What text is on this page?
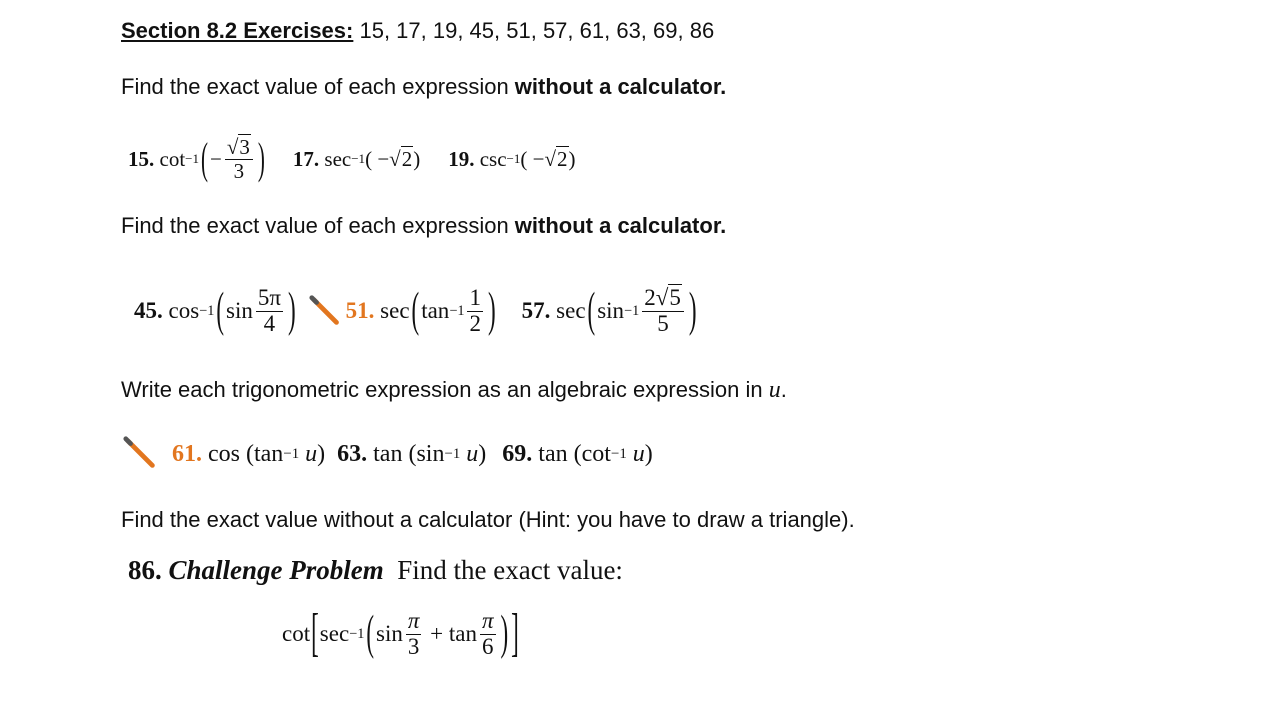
Section 8.2 Exercises: 15, 17, 19, 45, 51, 57, 61, 63, 69, 86
Find the exact value of each expression without a calculator.
15.
cot −1 ( − $\frac{√3}{3}$ ) 17.
sec −1 ( − √2 ) 19.
csc −1 ( − √2 )
Find the exact value of each expression without a calculator.
45.
cos −1 ( $\sin \frac{5\pi}{4}$ ) 51.
sec ( $\tan -1 \frac{1}{2}$ ) 57.
sec ( $\sin -1 \frac{2√5}{5}$ )
Write each trigonometric expression as an algebraic expression in u.
61.
cos (tan −1
u ) 63.
tan (sin −1
u ) 69.
tan (cot −1
u )
Find the exact value without a calculator (Hint: you have to draw a triangle).
86. Challenge Problem Find the exact value:
cot [ sec −1 ( $\sin \frac{\pi}{3}$
+
$\tan \frac{\pi}{6}$ ) ]
